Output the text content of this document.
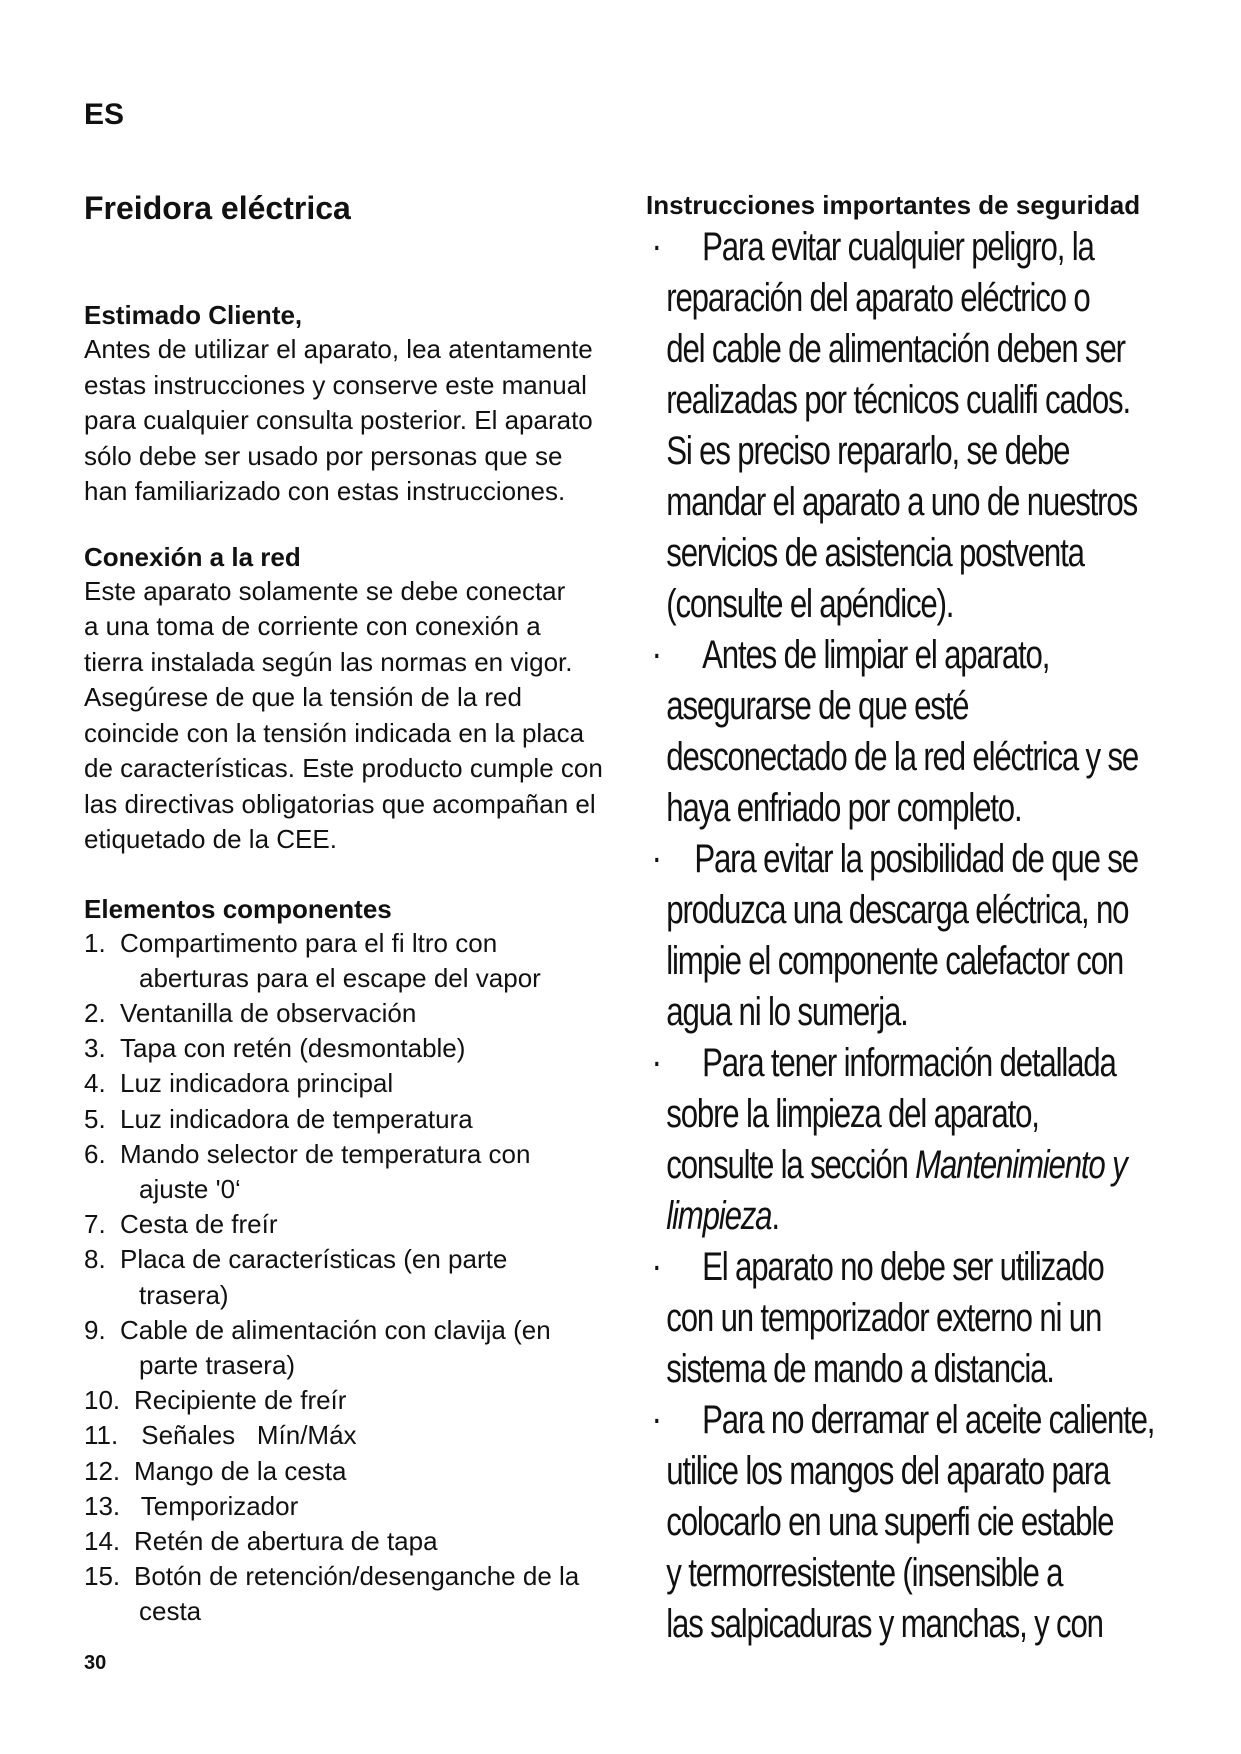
ES
Freidora eléctrica

Estimado Cliente,

Antes de utilizar el aparato, lea atentamente
estas instrucciones y conserve este manual
para cualquier consulta posterior. El aparato
sólo debe ser usado por personas que se
han familiarizado con estas instrucciones.

Conexión a la red

Este aparato solamente se debe conectar
a una toma de corriente con conexión a
tierra instalada según las normas en vigor.
Asegúrese de que la tensión de la red
coincide con la tensión indicada en la placa
de características. Este producto cumple con
las directivas obligatorias que acompañan el
etiquetado de la CEE.

Elementos componentes

1. Compartimento para el fi ltro con
aberturas para el escape del vapor
2. Ventanilla de observación
3. Tapa con retén (desmontable)
4. Luz indicadora principal
5. Luz indicadora de temperatura
6. Mando selector de temperatura con
ajuste '0‘
7. Cesta de freír
8. Placa de características (en parte
trasera)
9. Cable de alimentación con clavija (en
parte trasera)
10. Recipiente de freír
11. Señales   Mín/Máx
12. Mango de la cesta
13. Temporizador
14. Retén de abertura de tapa
15. Botón de retención/desenganche de la
cesta
30

Instrucciones importantes de seguridad

· Para evitar cualquier peligro, la
reparación del aparato eléctrico o
del cable de alimentación deben ser
realizadas por técnicos cualifi cados.
Si es preciso repararlo, se debe
mandar el aparato a uno de nuestros
servicios de asistencia postventa
(consulte el apéndice).
· Antes de limpiar el aparato,
asegurarse de que esté
desconectado de la red eléctrica y se
haya enfriado por completo.
· Para evitar la posibilidad de que se
produzca una descarga eléctrica, no
limpie el componente calefactor con
agua ni lo sumerja.
· Para tener información detallada
sobre la limpieza del aparato,
consulte la sección Mantenimiento y
limpieza.
· El aparato no debe ser utilizado
con un temporizador externo ni un
sistema de mando a distancia.
· Para no derramar el aceite caliente,
utilice los mangos del aparato para
colocarlo en una superfi cie estable
y termorresistente (insensible a
las salpicaduras y manchas, y con
